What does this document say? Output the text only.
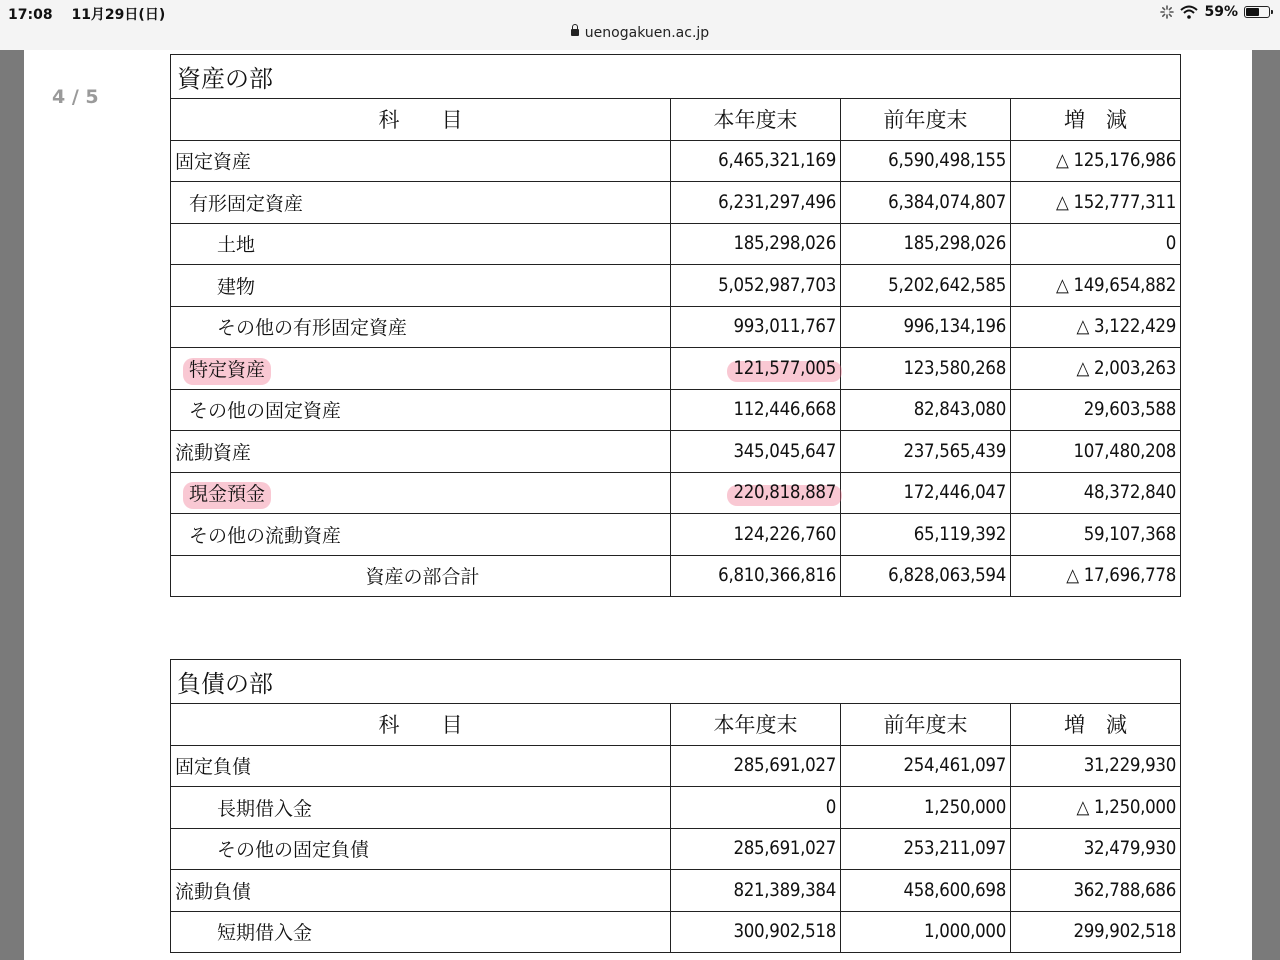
17:08 11月29日(日)
uenogakuen.ac.jp
59%
4 / 5
資産の部			
科　　目	本年度末	前年度末	増　減
固定資産	6,465,321,169	6,590,498,155	△ 125,176,986
有形固定資産	6,231,297,496	6,384,074,807	△ 152,777,311
土地	185,298,026	185,298,026	0
建物	5,052,987,703	5,202,642,585	△ 149,654,882
その他の有形固定資産	993,011,767	996,134,196	△ 3,122,429

特定資産	121,577,005	123,580,268	△ 2,003,263
その他の固定資産	112,446,668	82,843,080	29,603,588
流動資産	345,045,647	237,565,439	107,480,208

現金預金	220,818,887	172,446,047	48,372,840
その他の流動資産	124,226,760	65,119,392	59,107,368
資産の部合計	6,810,366,816	6,828,063,594	△ 17,696,778
負債の部			
科　　目	本年度末	前年度末	増　減
固定負債	285,691,027	254,461,097	31,229,930
長期借入金	0	1,250,000	△ 1,250,000
その他の固定負債	285,691,027	253,211,097	32,479,930
流動負債	821,389,384	458,600,698	362,788,686
短期借入金	300,902,518	1,000,000	299,902,518
